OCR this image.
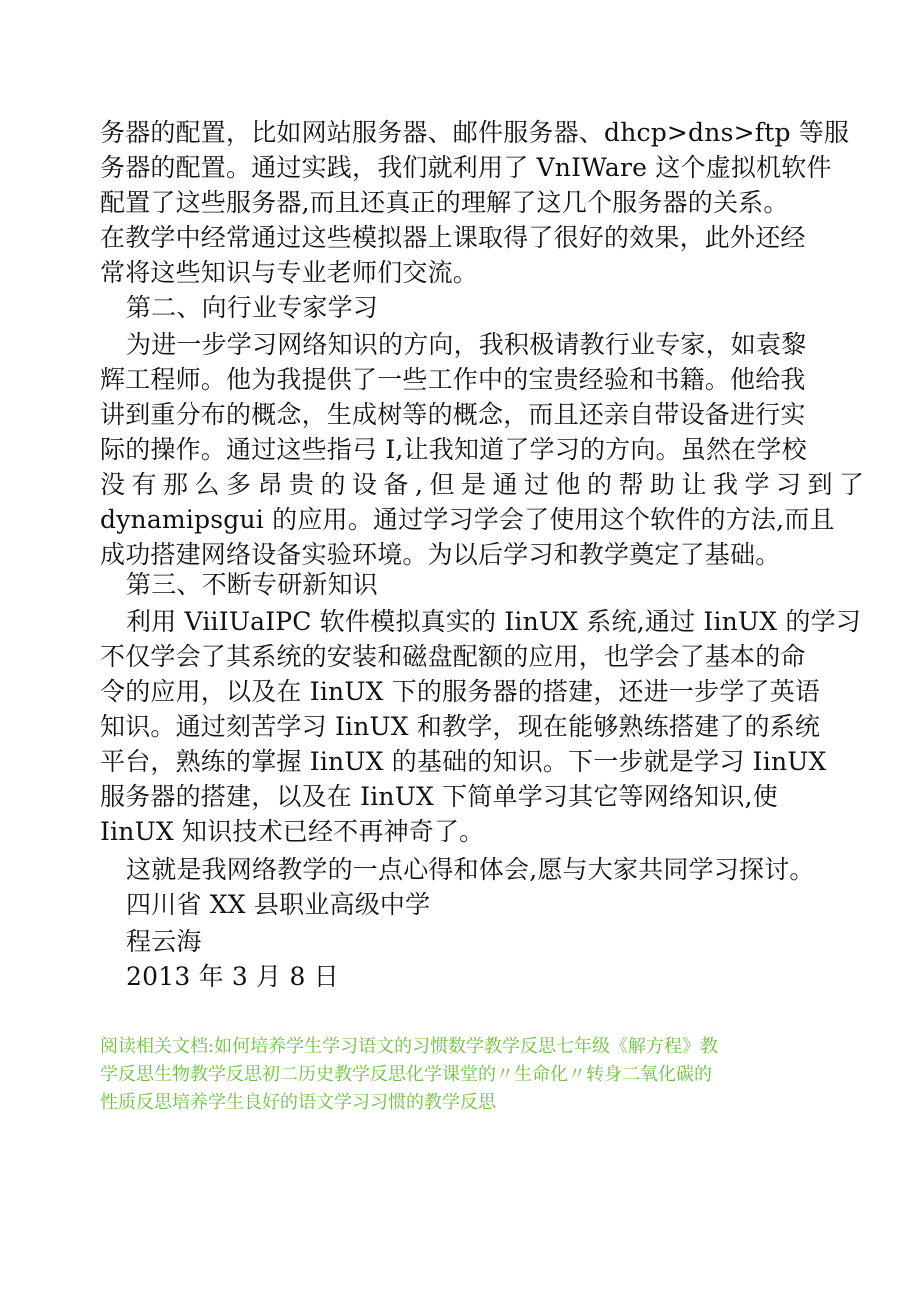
务器的配置，比如网站服务器、邮件服务器、dhcp>dns>ftp 等服
务器的配置。通过实践，我们就利用了 VnIWare 这个虚拟机软件
配置了这些服务器,而且还真正的理解了这几个服务器的关系。
在教学中经常通过这些模拟器上课取得了很好的效果，此外还经
常将这些知识与专业老师们交流。
第二、向行业专家学习
为进一步学习网络知识的方向，我积极请教行业专家，如袁黎
辉工程师。他为我提供了一些工作中的宝贵经验和书籍。他给我
讲到重分布的概念，生成树等的概念，而且还亲自带设备进行实
际的操作。通过这些指弓 I,让我知道了学习的方向。虽然在学校
没有那么多昂贵的设备,但是通过他的帮助让我学习到了
dynamipsgui 的应用。通过学习学会了使用这个软件的方法,而且
成功搭建网络设备实验环境。为以后学习和教学奠定了基础。
第三、不断专研新知识
利用 ViiIUaIPC 软件模拟真实的 IinUX 系统,通过 IinUX 的学习
不仅学会了其系统的安装和磁盘配额的应用，也学会了基本的命
令的应用，以及在 IinUX 下的服务器的搭建，还进一步学了英语
知识。通过刻苦学习 IinUX 和教学，现在能够熟练搭建了的系统
平台，熟练的掌握 IinUX 的基础的知识。下一步就是学习 IinUX
服务器的搭建，以及在 IinUX 下简单学习其它等网络知识,使
IinUX 知识技术已经不再神奇了。
这就是我网络教学的一点心得和体会,愿与大家共同学习探讨。
四川省 XX 县职业高级中学
程云海
2013 年 3 月 8 日
阅读相关文档:如何培养学生学习语文的习惯数学教学反思七年级《解方程》教
学反思生物教学反思初二历史教学反思化学课堂的〃生命化〃转身二氧化碳的
性质反思培养学生良好的语文学习习惯的教学反思
